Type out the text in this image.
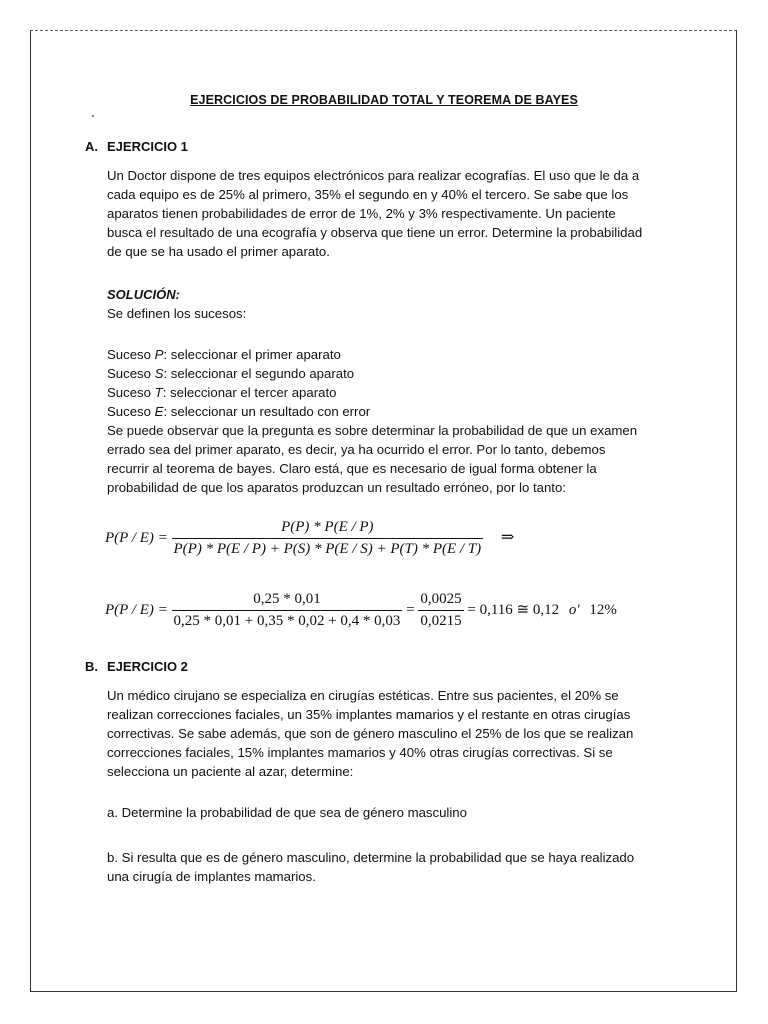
EJERCICIOS DE PROBABILIDAD TOTAL Y TEOREMA DE BAYES
A. EJERCICIO 1
Un Doctor dispone de tres equipos electrónicos para realizar ecografías. El uso que le da a
cada equipo es de 25% al primero, 35% el segundo en y 40% el tercero. Se sabe que los
aparatos tienen probabilidades de error de 1%, 2% y 3% respectivamente. Un paciente
busca el resultado de una ecografía y observa que tiene un error. Determine la probabilidad
de que se ha usado el primer aparato.
SOLUCIÓN:
Se definen los sucesos:
Suceso P: seleccionar el primer aparato
Suceso S: seleccionar el segundo aparato
Suceso T: seleccionar el tercer aparato
Suceso E: seleccionar un resultado con error
Se puede observar que la pregunta es sobre determinar la probabilidad de que un examen
errado sea del primer aparato, es decir, ya ha ocurrido el error. Por lo tanto, debemos
recurrir al teorema de bayes. Claro está, que es necesario de igual forma obtener la
probabilidad de que los aparatos produzcan un resultado erróneo, por lo tanto:
$P(P / E) = \frac{P(P) * P(E / P)}{P(P) * P(E / P) + P(S) * P(E / S) + P(T) * P(E / T)}$ ⇒
$P(P / E) = \frac{0,25 * 0,01}{0,25 * 0,01 + 0,35 * 0,02 + 0,4 * 0,03} = \frac{0,0025}{0,0215} = 0,116$ ≅ 0,12 o' 12%
B. EJERCICIO 2
Un médico cirujano se especializa en cirugías estéticas. Entre sus pacientes, el 20% se
realizan correcciones faciales, un 35% implantes mamarios y el restante en otras cirugías
correctivas. Se sabe además, que son de género masculino el 25% de los que se realizan
correcciones faciales, 15% implantes mamarios y 40% otras cirugías correctivas. Si se
selecciona un paciente al azar, determine:
a. Determine la probabilidad de que sea de género masculino
b. Si resulta que es de género masculino, determine la probabilidad que se haya realizado
una cirugía de implantes mamarios.
